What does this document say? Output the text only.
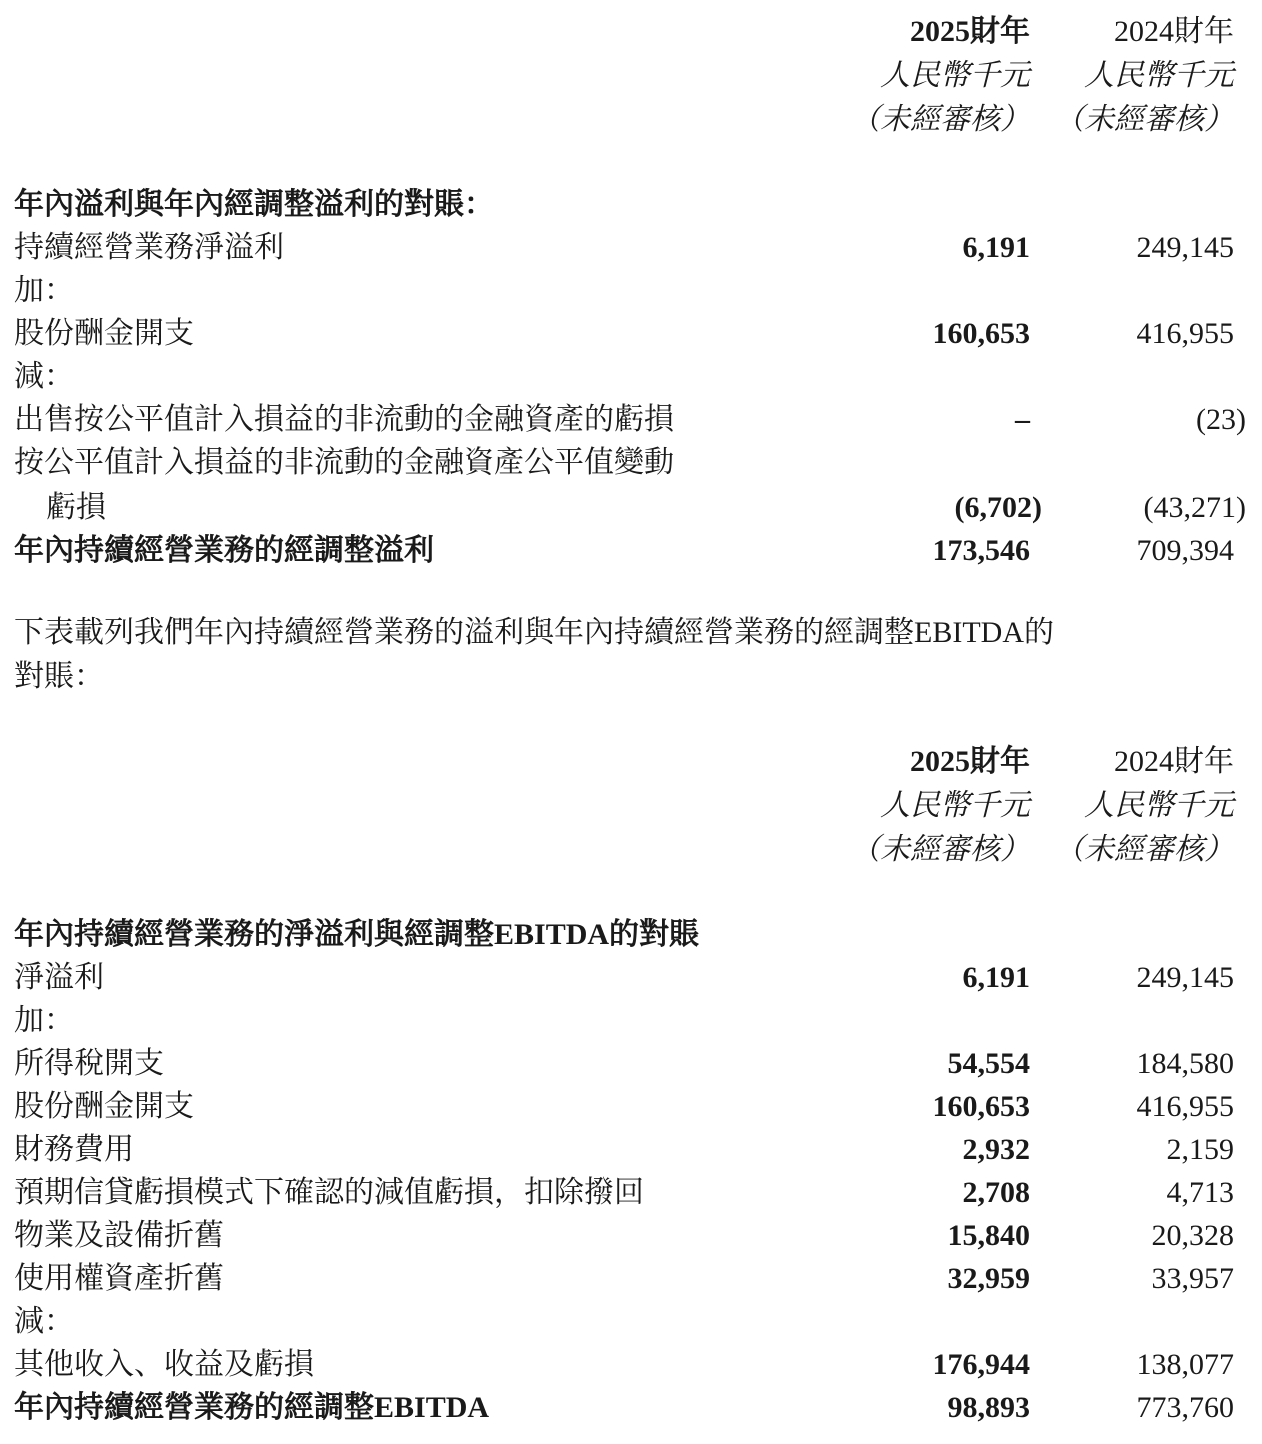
2025財年
人民幣千元
（未經審核）
2024財年
人民幣千元
（未經審核）
年內溢利與年內經調整溢利的對賬：
持續經營業務淨溢利	6,191	249,145
加：
股份酬金開支	160,653	416,955
減：
出售按公平值計入損益的非流動的金融資產的虧損	–	(23)
按公平值計入損益的非流動的金融資產公平值變動
虧損	(6,702)	(43,271)
年內持續經營業務的經調整溢利	173,546	709,394
下表載列我們年內持續經營業務的溢利與年內持續經營業務的經調整EBITDA的
對賬：
2025財年
人民幣千元
（未經審核）
2024財年
人民幣千元
（未經審核）
年內持續經營業務的淨溢利與經調整EBITDA的對賬
淨溢利	6,191	249,145
加：
所得稅開支	54,554	184,580
股份酬金開支	160,653	416,955
財務費用	2,932	2,159
預期信貸虧損模式下確認的減值虧損，扣除撥回	2,708	4,713
物業及設備折舊	15,840	20,328
使用權資產折舊	32,959	33,957
減：
其他收入、收益及虧損	176,944	138,077
年內持續經營業務的經調整EBITDA	98,893	773,760
